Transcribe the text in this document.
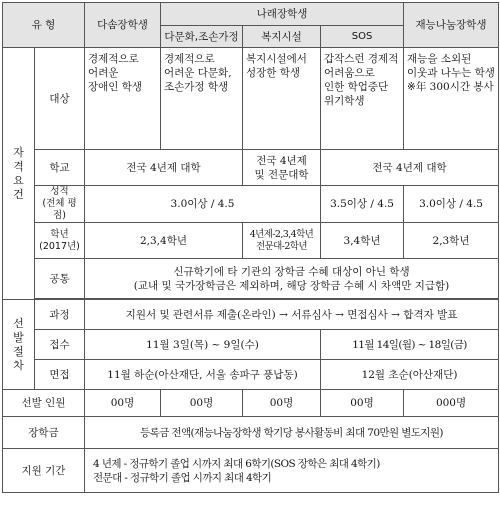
유 형		다솜장학생	나래장학생			재능나눔장학생
			다문화,조손가정	복지시설	SOS	
자
격
요
건	대상	경제적으로
어려운
장애인 학생	경제적으로
어려운 다문화,
조손가정 학생	복지시설에서
성장한 학생	갑작스런 경제적
어려움으로
인한 학업중단
위기학생	재능을 소외된
이웃과 나누는 학생
※年 300시간 봉사
	학교	전국 4년제 대학		전국 4년제
및 전문대학	전국 4년제 대학	
	성적
(전체 평점)	3.0이상 / 4.5			3.5이상 / 4.5	3.0이상 / 4.5
	학년
(2017년)	2,3,4학년		4년제-2,3,4학년
전문대-2학년	3,4학년	2,3학년
	공통	신규학기에 타 기관의 장학금 수혜 대상이 아닌 학생
(교내 및 국가장학금은 제외하며, 해당 장학금 수혜 시 차액만 지급함)				

선
발
절
차	과정	지원서 및 관련서류 제출(온라인) → 서류심사 → 면접심사 → 합격자 발표				
	접수	11월 3일(목) ~ 9일(수)			11월 14일(월) ~ 18일(금)	
	면접	11월 하순(아산재단, 서울 송파구 풍납동)			12월 초순(아산재단)	
선발 인원		00명	00명	00명	00명	000명
장학금		등록금 전액(재능나눔장학생 학기당 봉사활동비 최대 70만원 별도지원)				
지원 기간		4 년제 - 정규학기 졸업 시까지 최대 6학기(SOS 장학은 최대 4학기)
전문대 - 정규학기 졸업 시까지 최대 4학기				
